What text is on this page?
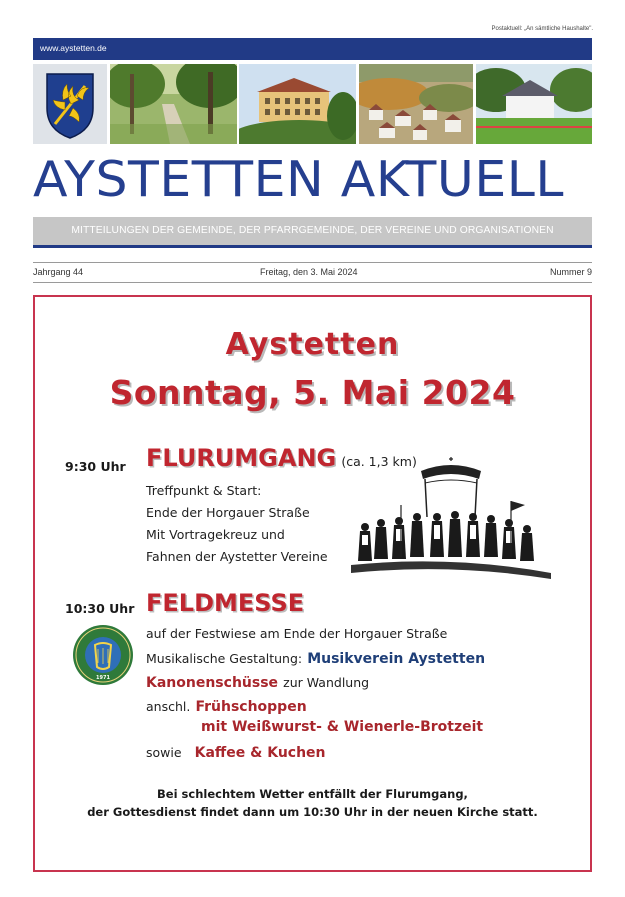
Postaktuell: „An sämtliche Haushalte".
www.aystetten.de
AYSTETTEN AKTUELL
MITTEILUNGEN DER GEMEINDE, DER PFARRGEMEINDE, DER VEREINE UND ORGANISATIONEN
Jahrgang 44	Freitag, den 3. Mai 2024	Nummer 9
Aystetten
Sonntag, 5. Mai 2024
9:30 Uhr FLURUMGANG (ca. 1,3 km)
Treffpunkt & Start:
Ende der Horgauer Straße
Mit Vortragekreuz und
Fahnen der Aystetter Vereine
10:30 Uhr FELDMESSE
1971
auf der Festwiese am Ende der Horgauer Straße
Musikalische Gestaltung: Musikverein Aystetten
Kanonenschüsse zur Wandlung
anschl. Frühschoppen
mit Weißwurst- & Wienerle-Brotzeit
sowie Kaffee & Kuchen
Bei schlechtem Wetter entfällt der Flurumgang,
der Gottesdienst findet dann um 10:30 Uhr in der neuen Kirche statt.
